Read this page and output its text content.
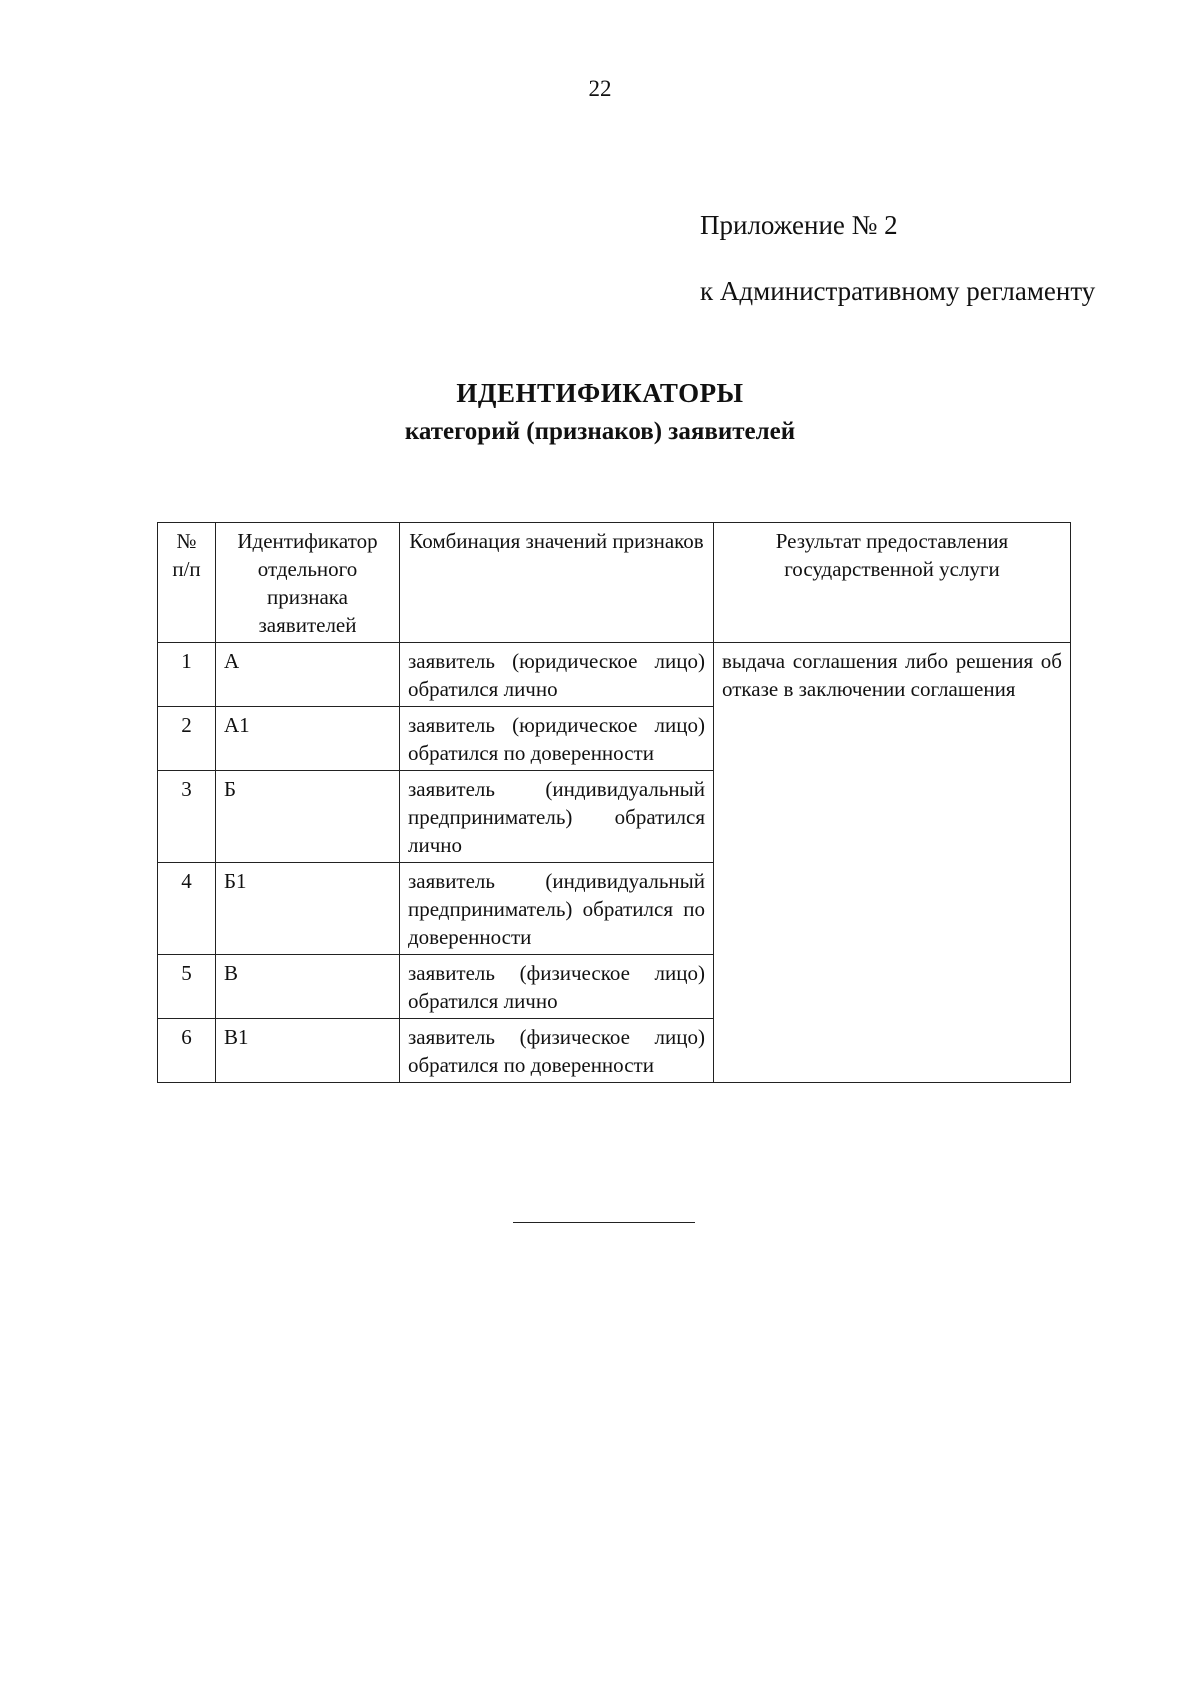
22
Приложение № 2
к Административному регламенту
ИДЕНТИФИКАТОРЫ
категорий (признаков) заявителей
№ п/п	Идентификатор отдельного признака заявителей	Комбинация значений признаков	Результат предоставления государственной услуги
1	А	заявитель (юридическое лицо) обратился лично	выдача соглашения либо решения об отказе в заключении соглашения
2	А1	заявитель (юридическое лицо) обратился по доверенности	
3	Б	заявитель (индивидуальный предприниматель) обратился лично	
4	Б1	заявитель (индивидуальный предприниматель) обратился по доверенности	
5	В	заявитель (физическое лицо) обратился лично	
6	В1	заявитель (физическое лицо) обратился по доверенности	
